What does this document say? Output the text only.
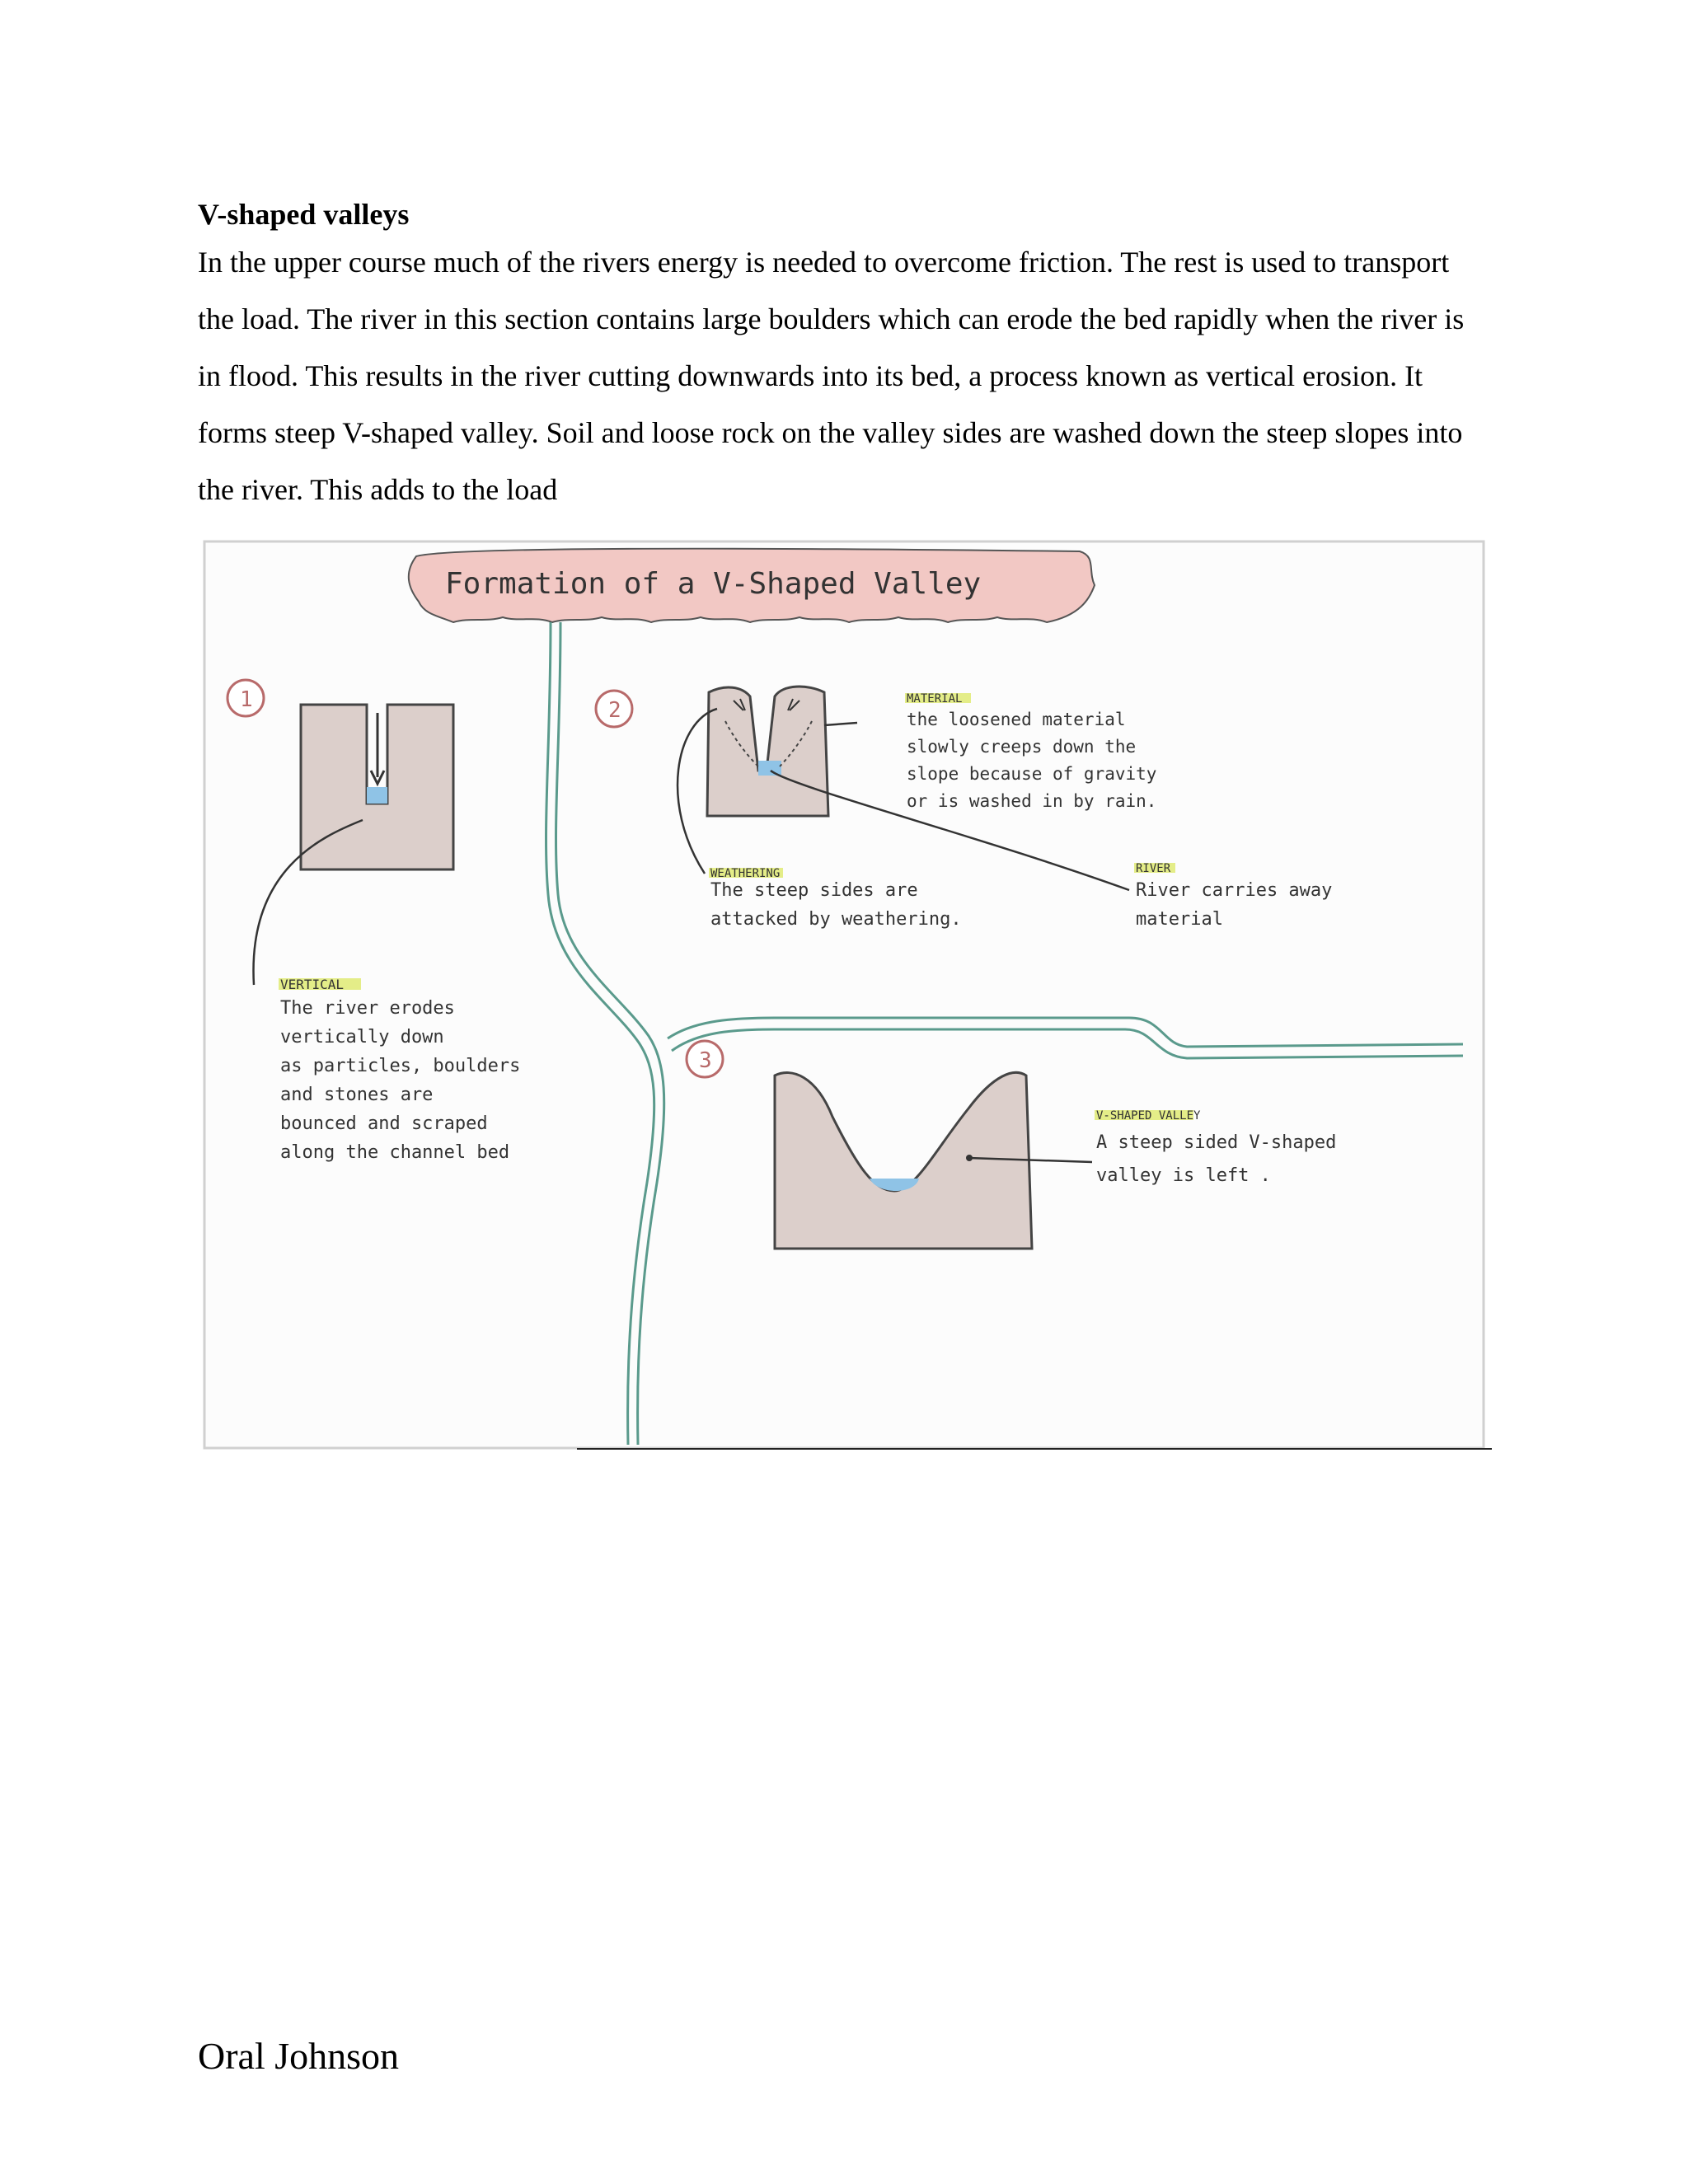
V-shaped valleys

In the upper course much of the rivers energy is needed to overcome friction. The rest is used to transport the load. The river in this section contains large boulders which can erode the bed rapidly when the river is in flood. This results in the river cutting downwards into its bed, a process known as vertical erosion. It forms steep V-shaped valley. Soil and loose rock on the valley sides are washed down the steep slopes into the river. This adds to the load

Formation of a V-Shaped Valley
1
VERTICAL
The river erodes
vertically down
as particles, boulders
and stones are
bounced and scraped
along the channel bed
2
WEATHERING
The steep sides are
attacked by weathering.
MATERIAL
the loosened material
slowly creeps down the
slope because of gravity
or is washed in by rain.
RIVER
River carries away
material
3
V-SHAPED VALLEY
A steep sided V-shaped
valley is left .
Oral Johnson
